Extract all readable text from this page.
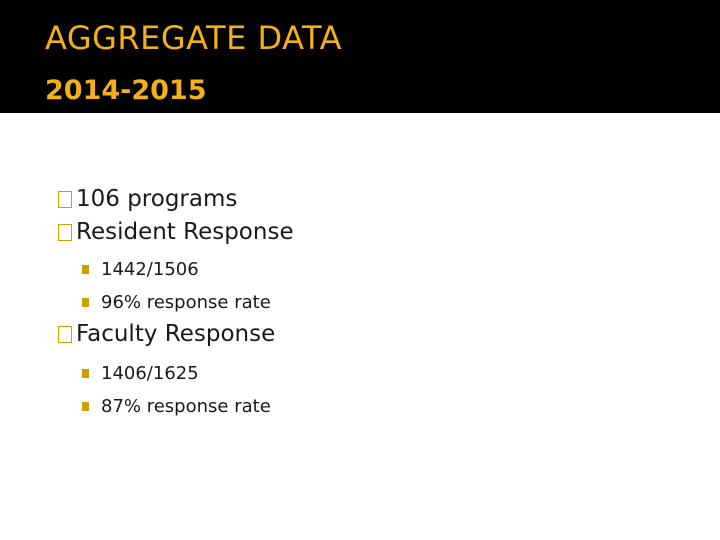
AGGREGATE DATA
2014-2015
106 programs
Resident Response
1442/1506
96% response rate
Faculty Response
1406/1625
87% response rate
